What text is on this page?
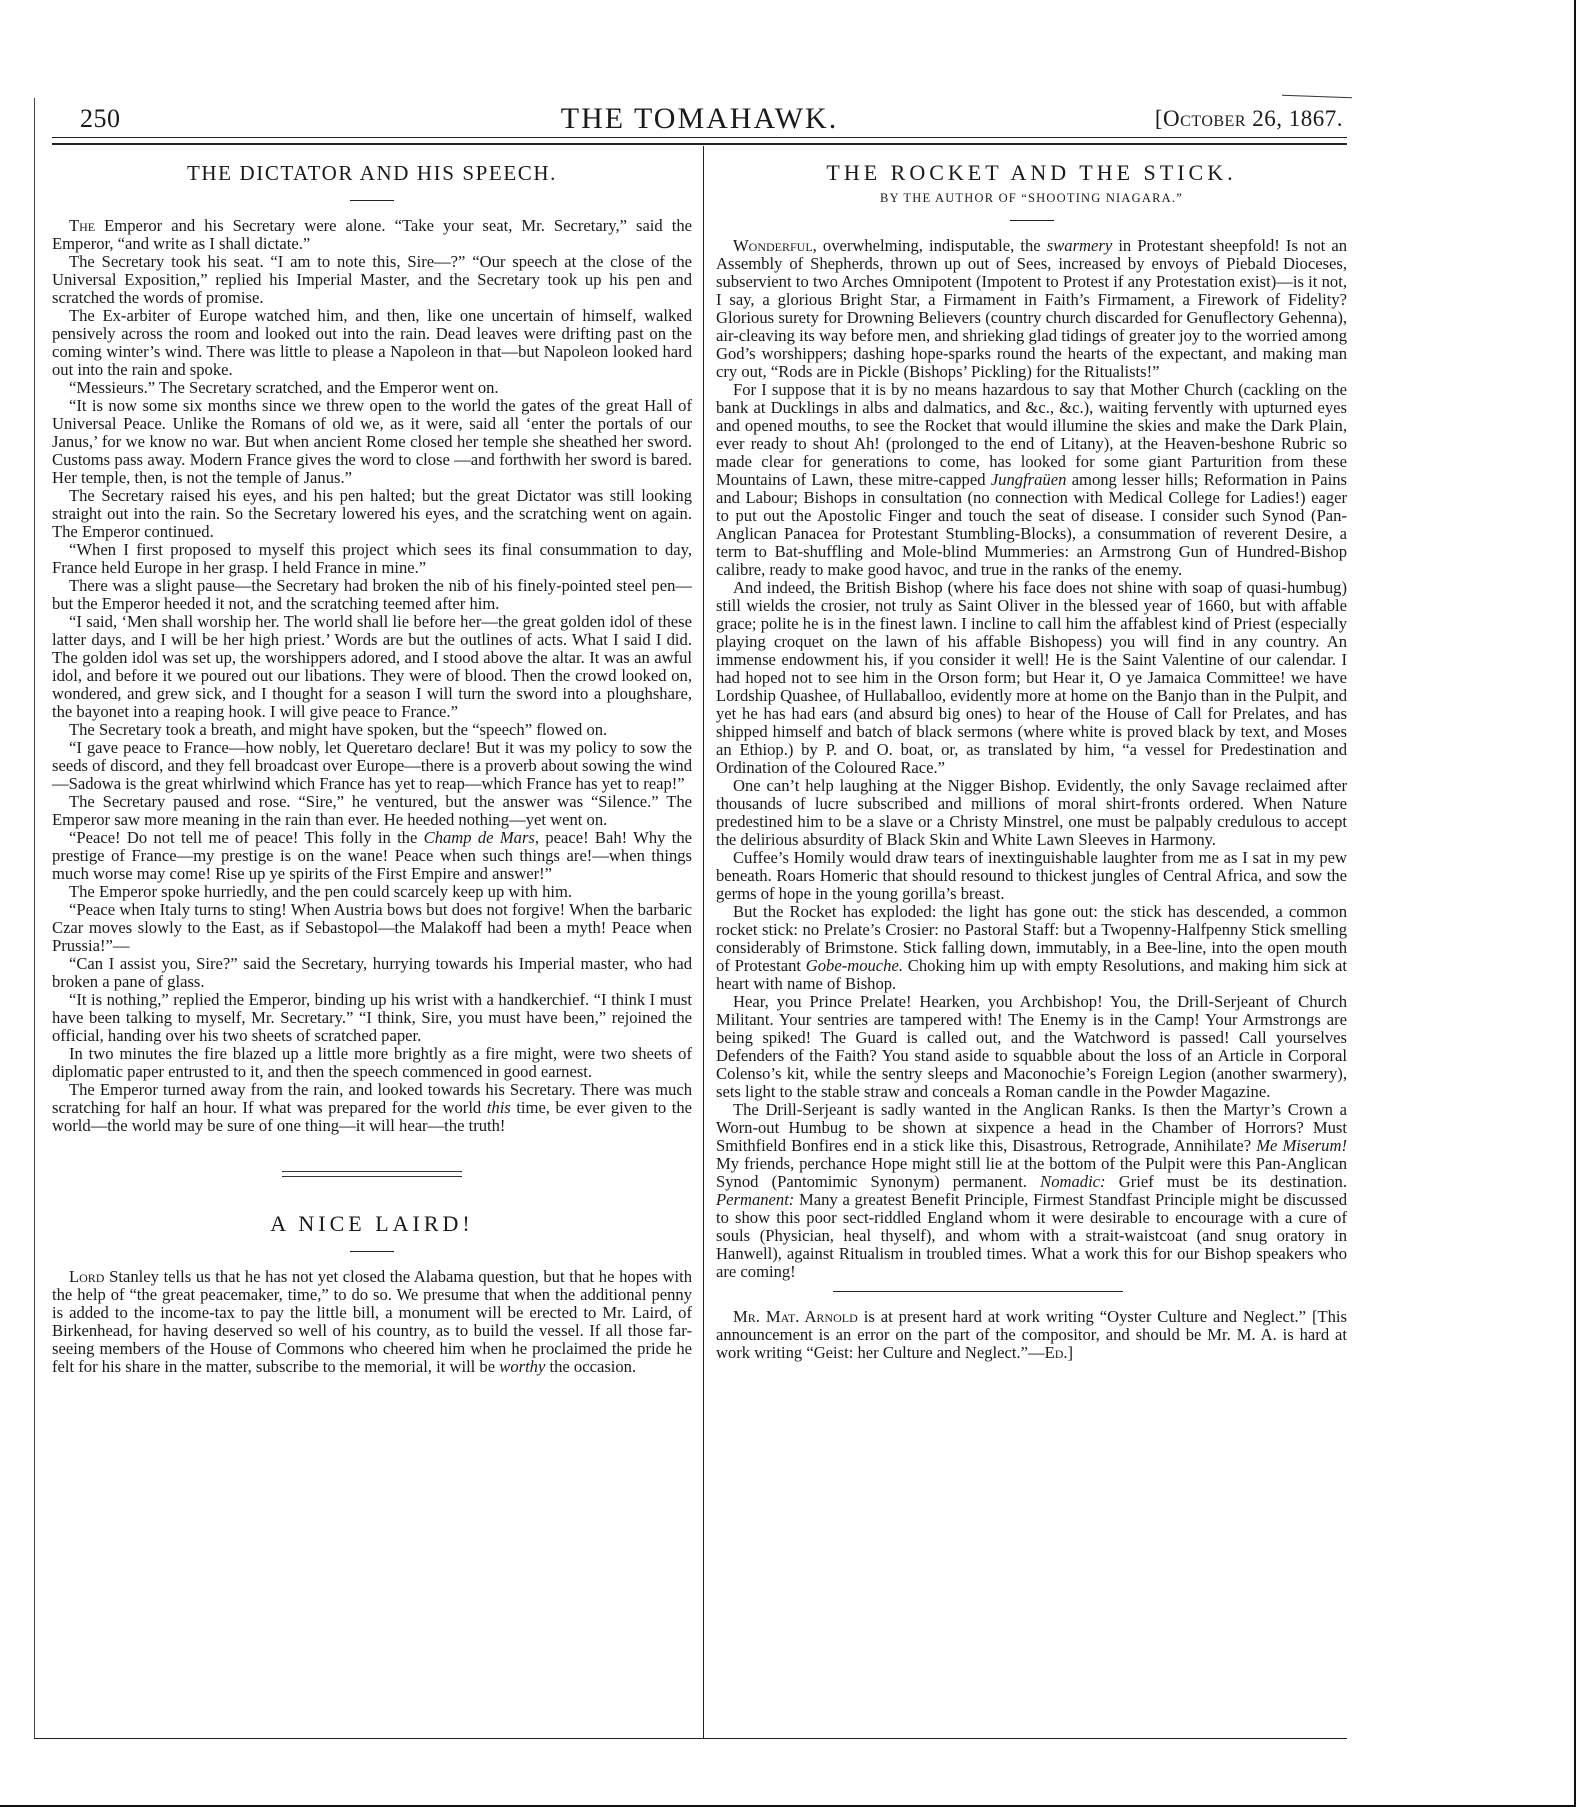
250	THE TOMAHAWK.	[October 26, 1867.
THE DICTATOR AND HIS SPEECH.

The Emperor and his Secretary were alone. “Take your seat, Mr. Secretary,” said the Emperor, “and write as I shall dictate.”

The Secretary took his seat. “I am to note this, Sire—?” “Our speech at the close of the Universal Exposition,” replied his Imperial Master, and the Secretary took up his pen and scratched the words of promise.

The Ex-arbiter of Europe watched him, and then, like one uncertain of himself, walked pensively across the room and looked out into the rain. Dead leaves were drifting past on the coming winter’s wind. There was little to please a Napoleon in that—but Napoleon looked hard out into the rain and spoke.

“Messieurs.” The Secretary scratched, and the Emperor went on.

“It is now some six months since we threw open to the world the gates of the great Hall of Universal Peace. Unlike the Romans of old we, as it were, said all ‘enter the portals of our Janus,’ for we know no war. But when ancient Rome closed her temple she sheathed her sword. Customs pass away. Modern France gives the word to close —and forthwith her sword is bared. Her temple, then, is not the temple of Janus.”

The Secretary raised his eyes, and his pen halted; but the great Dictator was still looking straight out into the rain. So the Secretary lowered his eyes, and the scratching went on again. The Emperor continued.

“When I first proposed to myself this project which sees its final consummation to day, France held Europe in her grasp. I held France in mine.”

There was a slight pause—the Secretary had broken the nib of his finely-pointed steel pen—but the Emperor heeded it not, and the scratching teemed after him.

“I said, ‘Men shall worship her. The world shall lie before her—the great golden idol of these latter days, and I will be her high priest.’ Words are but the outlines of acts. What I said I did. The golden idol was set up, the worshippers adored, and I stood above the altar. It was an awful idol, and before it we poured out our libations. They were of blood. Then the crowd looked on, wondered, and grew sick, and I thought for a season I will turn the sword into a ploughshare, the bayonet into a reaping hook. I will give peace to France.”

The Secretary took a breath, and might have spoken, but the “speech” flowed on.

“I gave peace to France—how nobly, let Queretaro declare! But it was my policy to sow the seeds of discord, and they fell broadcast over Europe—there is a proverb about sowing the wind—Sadowa is the great whirlwind which France has yet to reap—which France has yet to reap!”

The Secretary paused and rose. “Sire,” he ventured, but the answer was “Silence.” The Emperor saw more meaning in the rain than ever. He heeded nothing—yet went on.

“Peace! Do not tell me of peace! This folly in the Champ de Mars, peace! Bah! Why the prestige of France—my prestige is on the wane! Peace when such things are!—when things much worse may come! Rise up ye spirits of the First Empire and answer!”

The Emperor spoke hurriedly, and the pen could scarcely keep up with him.

“Peace when Italy turns to sting! When Austria bows but does not forgive! When the barbaric Czar moves slowly to the East, as if Sebastopol—the Malakoff had been a myth! Peace when Prussia!”—

“Can I assist you, Sire?” said the Secretary, hurrying towards his Imperial master, who had broken a pane of glass.

“It is nothing,” replied the Emperor, binding up his wrist with a handkerchief. “I think I must have been talking to myself, Mr. Secretary.” “I think, Sire, you must have been,” rejoined the official, handing over his two sheets of scratched paper.

In two minutes the fire blazed up a little more brightly as a fire might, were two sheets of diplomatic paper entrusted to it, and then the speech commenced in good earnest.

The Emperor turned away from the rain, and looked towards his Secretary. There was much scratching for half an hour. If what was prepared for the world this time, be ever given to the world—the world may be sure of one thing—it will hear—the truth!

A NICE LAIRD!

Lord Stanley tells us that he has not yet closed the Alabama question, but that he hopes with the help of “the great peacemaker, time,” to do so. We presume that when the additional penny is added to the income-tax to pay the little bill, a monument will be erected to Mr. Laird, of Birkenhead, for having deserved so well of his country, as to build the vessel. If all those far-seeing members of the House of Commons who cheered him when he proclaimed the pride he felt for his share in the matter, subscribe to the memorial, it will be worthy the occasion.

THE ROCKET AND THE STICK.
BY THE AUTHOR OF “SHOOTING NIAGARA.”

Wonderful, overwhelming, indisputable, the swarmery in Protestant sheepfold! Is not an Assembly of Shepherds, thrown up out of Sees, increased by envoys of Piebald Dioceses, subservient to two Arches Omnipotent (Impotent to Protest if any Protestation exist)—is it not, I say, a glorious Bright Star, a Firmament in Faith’s Firmament, a Firework of Fidelity? Glorious surety for Drowning Believers (country church discarded for Genuflectory Gehenna), air-cleaving its way before men, and shrieking glad tidings of greater joy to the worried among God’s worshippers; dashing hope-sparks round the hearts of the expectant, and making man cry out, “Rods are in Pickle (Bishops’ Pickling) for the Ritualists!”

For I suppose that it is by no means hazardous to say that Mother Church (cackling on the bank at Ducklings in albs and dalmatics, and &c., &c.), waiting fervently with upturned eyes and opened mouths, to see the Rocket that would illumine the skies and make the Dark Plain, ever ready to shout Ah! (prolonged to the end of Litany), at the Heaven-beshone Rubric so made clear for generations to come, has looked for some giant Parturition from these Mountains of Lawn, these mitre-capped Jungfraüen among lesser hills; Reformation in Pains and Labour; Bishops in consultation (no connection with Medical College for Ladies!) eager to put out the Apostolic Finger and touch the seat of disease. I consider such Synod (Pan-Anglican Panacea for Protestant Stumbling-Blocks), a consummation of reverent Desire, a term to Bat-shuffling and Mole-blind Mummeries: an Armstrong Gun of Hundred-Bishop calibre, ready to make good havoc, and true in the ranks of the enemy.

And indeed, the British Bishop (where his face does not shine with soap of quasi-humbug) still wields the crosier, not truly as Saint Oliver in the blessed year of 1660, but with affable grace; polite he is in the finest lawn. I incline to call him the affablest kind of Priest (especially playing croquet on the lawn of his affable Bishopess) you will find in any country. An immense endowment his, if you consider it well! He is the Saint Valentine of our calendar. I had hoped not to see him in the Orson form; but Hear it, O ye Jamaica Committee! we have Lordship Quashee, of Hullaballoo, evidently more at home on the Banjo than in the Pulpit, and yet he has had ears (and absurd big ones) to hear of the House of Call for Prelates, and has shipped himself and batch of black sermons (where white is proved black by text, and Moses an Ethiop.) by P. and O. boat, or, as translated by him, “a vessel for Predestination and Ordination of the Coloured Race.”

One can’t help laughing at the Nigger Bishop. Evidently, the only Savage reclaimed after thousands of lucre subscribed and millions of moral shirt-fronts ordered. When Nature predestined him to be a slave or a Christy Minstrel, one must be palpably credulous to accept the delirious absurdity of Black Skin and White Lawn Sleeves in Harmony.

Cuffee’s Homily would draw tears of inextinguishable laughter from me as I sat in my pew beneath. Roars Homeric that should resound to thickest jungles of Central Africa, and sow the germs of hope in the young gorilla’s breast.

But the Rocket has exploded: the light has gone out: the stick has descended, a common rocket stick: no Prelate’s Crosier: no Pastoral Staff: but a Twopenny-Halfpenny Stick smelling considerably of Brimstone. Stick falling down, immutably, in a Bee-line, into the open mouth of Protestant Gobe-mouche. Choking him up with empty Resolutions, and making him sick at heart with name of Bishop.

Hear, you Prince Prelate! Hearken, you Archbishop! You, the Drill-Serjeant of Church Militant. Your sentries are tampered with! The Enemy is in the Camp! Your Armstrongs are being spiked! The Guard is called out, and the Watchword is passed! Call yourselves Defenders of the Faith? You stand aside to squabble about the loss of an Article in Corporal Colenso’s kit, while the sentry sleeps and Maconochie’s Foreign Legion (another swarmery), sets light to the stable straw and conceals a Roman candle in the Powder Magazine.

The Drill-Serjeant is sadly wanted in the Anglican Ranks. Is then the Martyr’s Crown a Worn-out Humbug to be shown at sixpence a head in the Chamber of Horrors? Must Smithfield Bonfires end in a stick like this, Disastrous, Retrograde, Annihilate? Me Miserum! My friends, perchance Hope might still lie at the bottom of the Pulpit were this Pan-Anglican Synod (Pantomimic Synonym) permanent. Nomadic: Grief must be its destination. Permanent: Many a greatest Benefit Principle, Firmest Standfast Principle might be discussed to show this poor sect-riddled England whom it were desirable to encourage with a cure of souls (Physician, heal thyself), and whom with a strait-waistcoat (and snug oratory in Hanwell), against Ritualism in troubled times. What a work this for our Bishop speakers who are coming!

Mr. Mat. Arnold is at present hard at work writing “Oyster Culture and Neglect.” [This announcement is an error on the part of the compositor, and should be Mr. M. A. is hard at work writing “Geist: her Culture and Neglect.”—Ed.]
